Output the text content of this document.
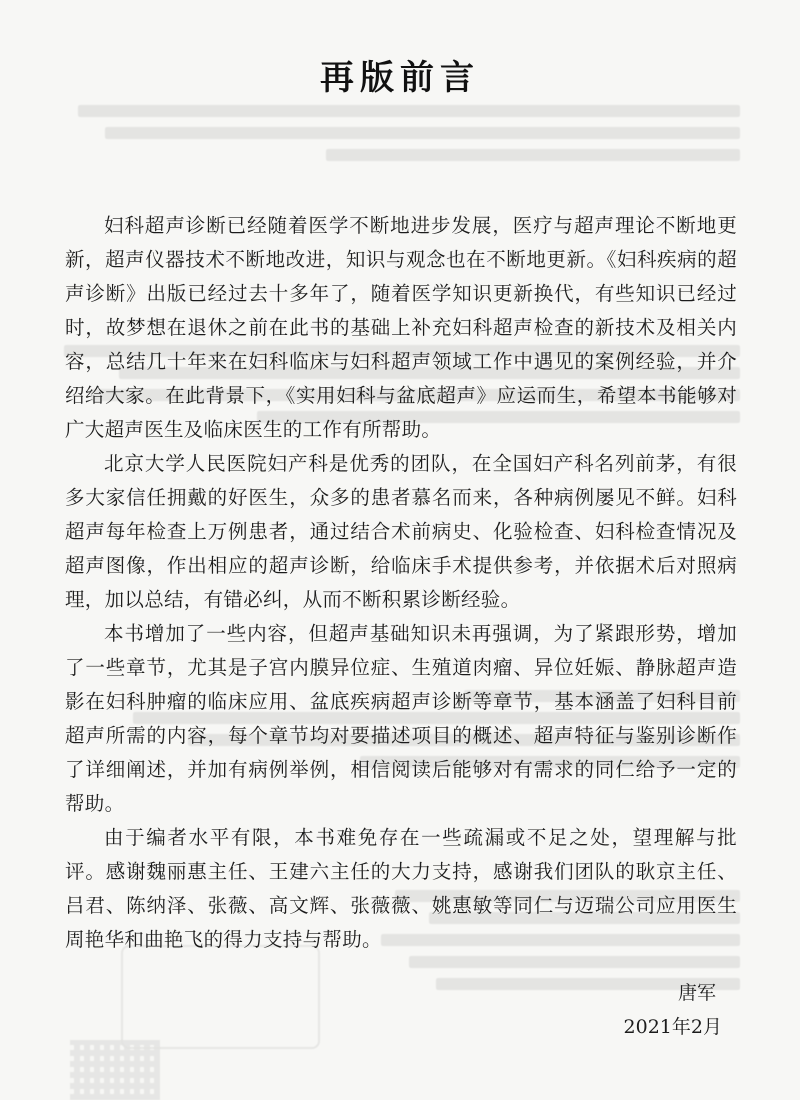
再版前言

妇科超声诊断已经随着医学不断地进步发展，医疗与超声理论不断地更新，超声仪器技术不断地改进，知识与观念也在不断地更新。《妇科疾病的超声诊断》出版已经过去十多年了，随着医学知识更新换代，有些知识已经过时，故梦想在退休之前在此书的基础上补充妇科超声检查的新技术及相关内容，总结几十年来在妇科临床与妇科超声领域工作中遇见的案例经验，并介绍给大家。在此背景下，《实用妇科与盆底超声》应运而生，希望本书能够对广大超声医生及临床医生的工作有所帮助。

北京大学人民医院妇产科是优秀的团队，在全国妇产科名列前茅，有很多大家信任拥戴的好医生，众多的患者慕名而来，各种病例屡见不鲜。妇科超声每年检查上万例患者，通过结合术前病史、化验检查、妇科检查情况及超声图像，作出相应的超声诊断，给临床手术提供参考，并依据术后对照病理，加以总结，有错必纠，从而不断积累诊断经验。

本书增加了一些内容，但超声基础知识未再强调，为了紧跟形势，增加了一些章节，尤其是子宫内膜异位症、生殖道肉瘤、异位妊娠、静脉超声造影在妇科肿瘤的临床应用、盆底疾病超声诊断等章节，基本涵盖了妇科目前超声所需的内容，每个章节均对要描述项目的概述、超声特征与鉴别诊断作了详细阐述，并加有病例举例，相信阅读后能够对有需求的同仁给予一定的帮助。

由于编者水平有限，本书难免存在一些疏漏或不足之处，望理解与批评。感谢魏丽惠主任、王建六主任的大力支持，感谢我们团队的耿京主任、吕君、陈纳泽、张薇、高文辉、张薇薇、姚惠敏等同仁与迈瑞公司应用医生周艳华和曲艳飞的得力支持与帮助。

唐军
2021年2月
